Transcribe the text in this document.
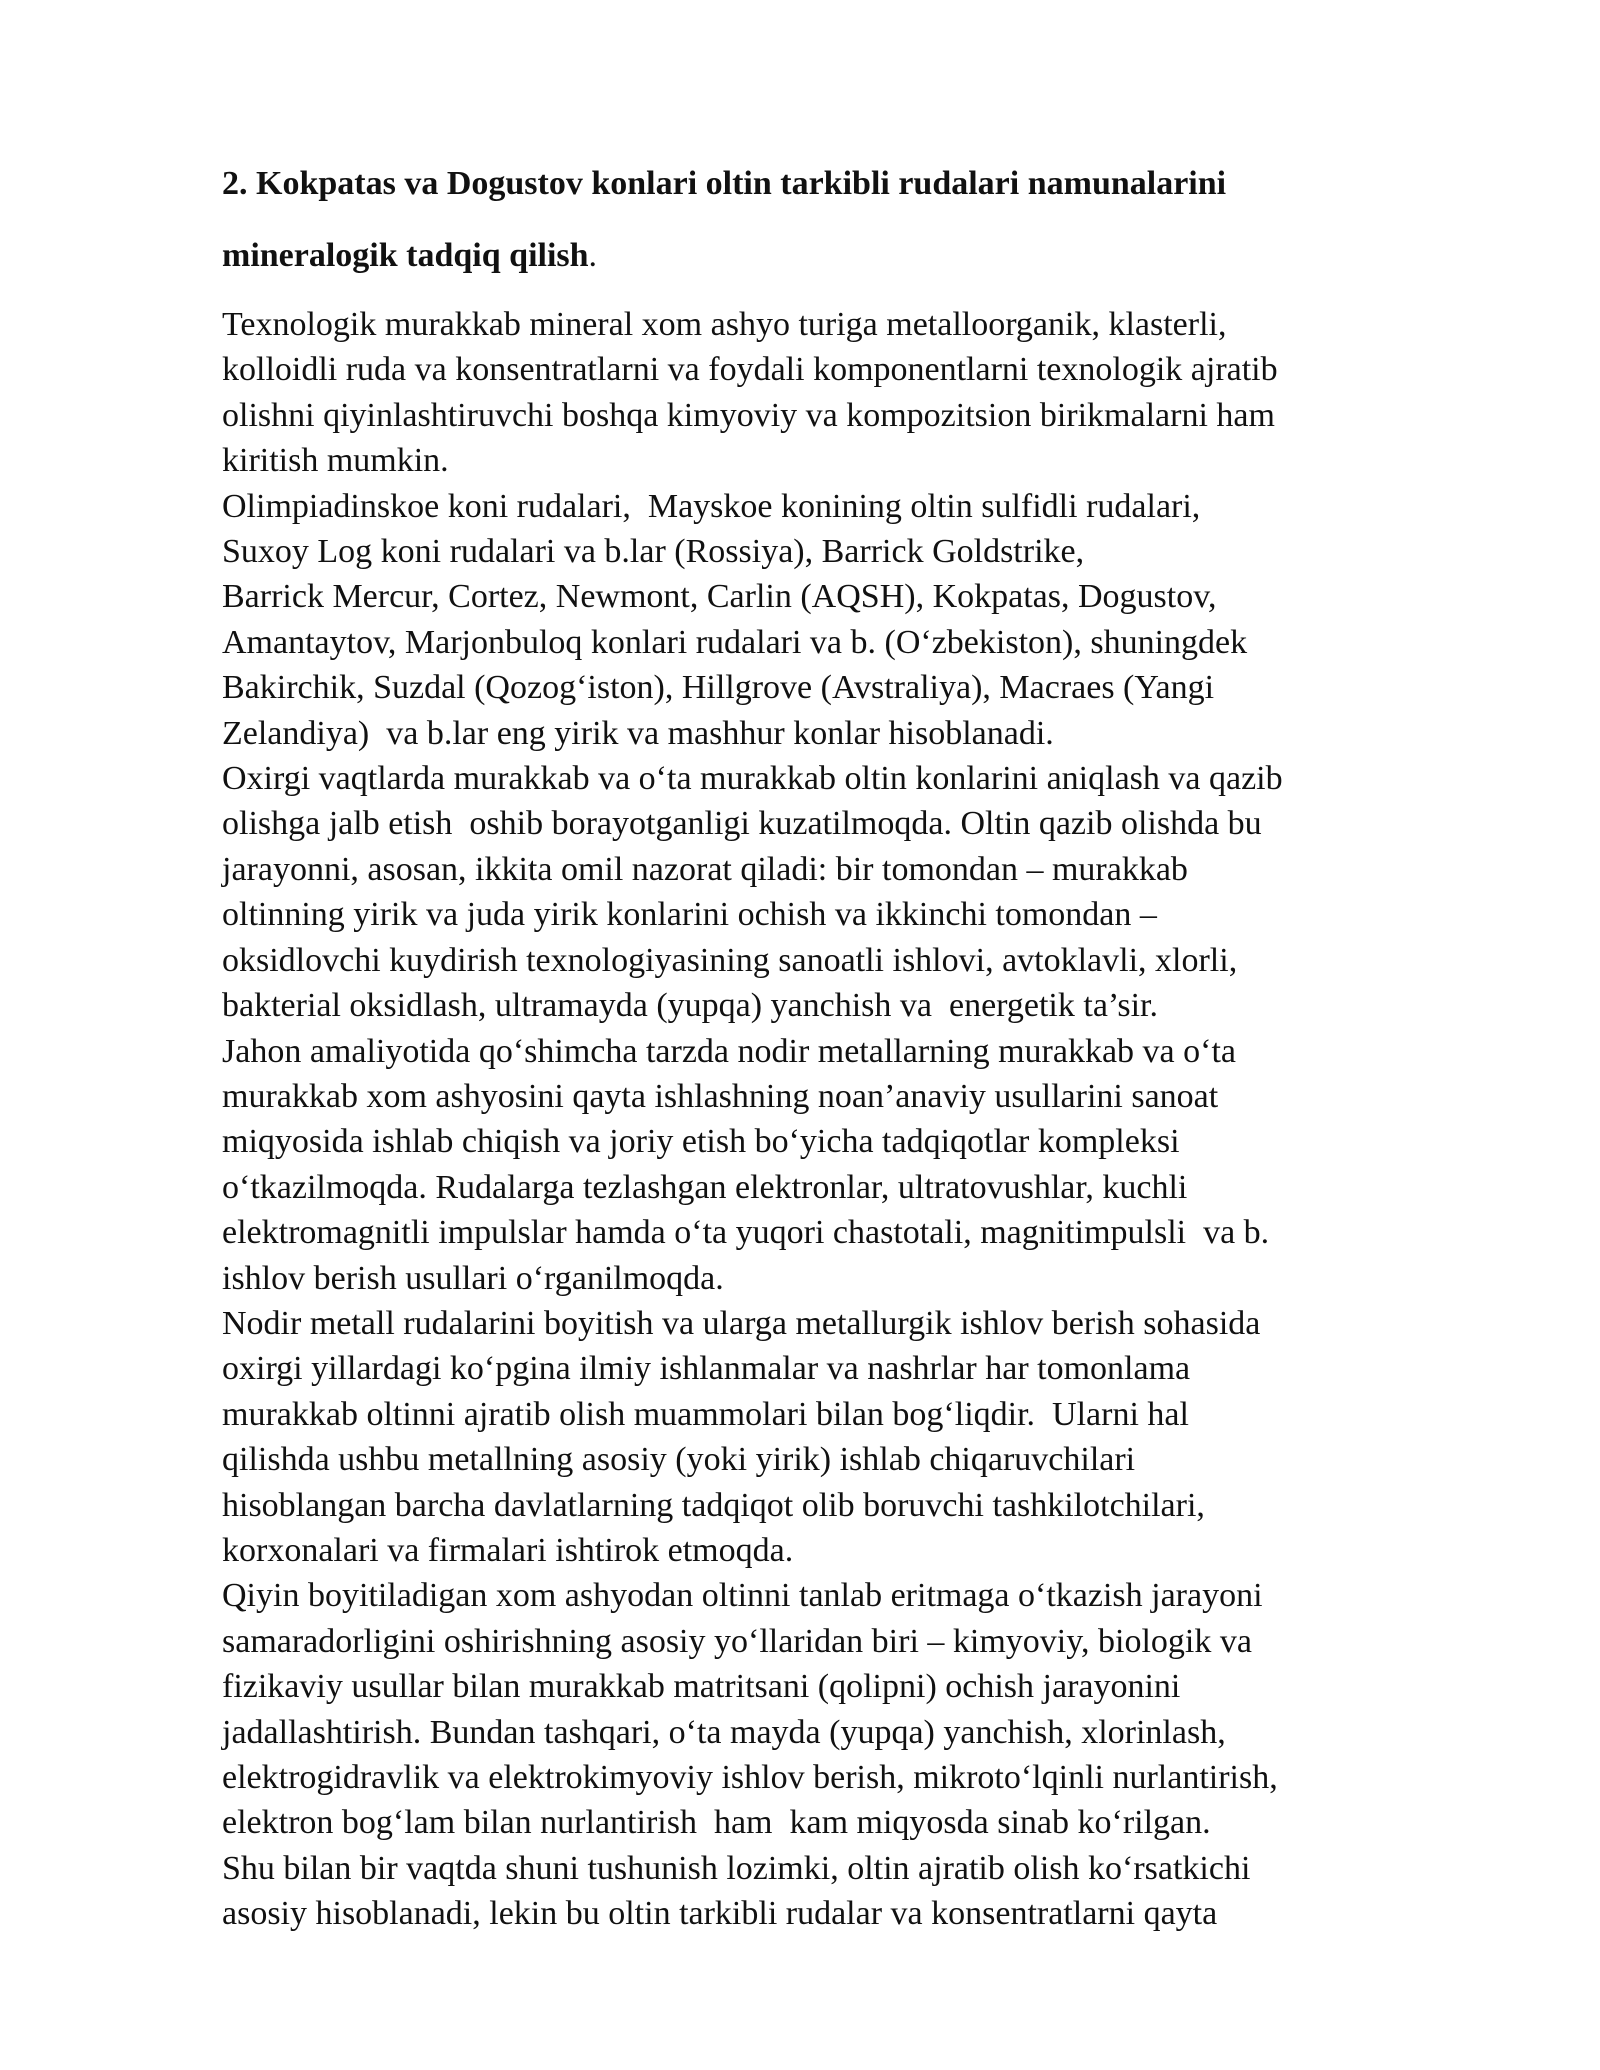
2. Kokpatas va Dogustov konlari oltin tarkibli rudalari namunalarini
mineralogik tadqiq qilish.
Texnologik murakkab mineral xom ashyo turiga metalloorganik, klasterli,
kolloidli ruda va konsentratlarni va foydali komponentlarni texnologik ajratib
olishni qiyinlashtiruvchi boshqa kimyoviy va kompozitsion birikmalarni ham
kiritish mumkin.
Olimpiadinskoe koni rudalari,  Mayskoe konining oltin sulfidli rudalari,
Suxoy Log koni rudalari va b.lar (Rossiya), Barrick Goldstrike,
Barrick Mercur, Cortez, Newmont, Carlin (AQSH), Kokpatas, Dogustov,
Amantaytov, Marjonbuloq konlari rudalari va b. (O‘zbekiston), shuningdek
Bakirchik, Suzdal (Qozog‘iston), Hillgrove (Avstraliya), Macraes (Yangi
Zelandiya)  va b.lar eng yirik va mashhur konlar hisoblanadi.
Oxirgi vaqtlarda murakkab va o‘ta murakkab oltin konlarini aniqlash va qazib
olishga jalb etish  oshib borayotganligi kuzatilmoqda. Oltin qazib olishda bu
jarayonni, asosan, ikkita omil nazorat qiladi: bir tomondan – murakkab
oltinning yirik va juda yirik konlarini ochish va ikkinchi tomondan –
oksidlovchi kuydirish texnologiyasining sanoatli ishlovi, avtoklavli, xlorli,
bakterial oksidlash, ultramayda (yupqa) yanchish va  energetik ta’sir.
Jahon amaliyotida qo‘shimcha tarzda nodir metallarning murakkab va o‘ta
murakkab xom ashyosini qayta ishlashning noan’anaviy usullarini sanoat
miqyosida ishlab chiqish va joriy etish bo‘yicha tadqiqotlar kompleksi
o‘tkazilmoqda. Rudalarga tezlashgan elektronlar, ultratovushlar, kuchli
elektromagnitli impulslar hamda o‘ta yuqori chastotali, magnitimpulsli  va b.
ishlov berish usullari o‘rganilmoqda.
Nodir metall rudalarini boyitish va ularga metallurgik ishlov berish sohasida
oxirgi yillardagi ko‘pgina ilmiy ishlanmalar va nashrlar har tomonlama
murakkab oltinni ajratib olish muammolari bilan bog‘liqdir.  Ularni hal
qilishda ushbu metallning asosiy (yoki yirik) ishlab chiqaruvchilari
hisoblangan barcha davlatlarning tadqiqot olib boruvchi tashkilotchilari,
korxonalari va firmalari ishtirok etmoqda.
Qiyin boyitiladigan xom ashyodan oltinni tanlab eritmaga o‘tkazish jarayoni
samaradorligini oshirishning asosiy yo‘llaridan biri – kimyoviy, biologik va
fizikaviy usullar bilan murakkab matritsani (qolipni) ochish jarayonini
jadallashtirish. Bundan tashqari, o‘ta mayda (yupqa) yanchish, xlorinlash,
elektrogidravlik va elektrokimyoviy ishlov berish, mikroto‘lqinli nurlantirish,
elektron bog‘lam bilan nurlantirish  ham  kam miqyosda sinab ko‘rilgan.
Shu bilan bir vaqtda shuni tushunish lozimki, oltin ajratib olish ko‘rsatkichi
asosiy hisoblanadi, lekin bu oltin tarkibli rudalar va konsentratlarni qayta
